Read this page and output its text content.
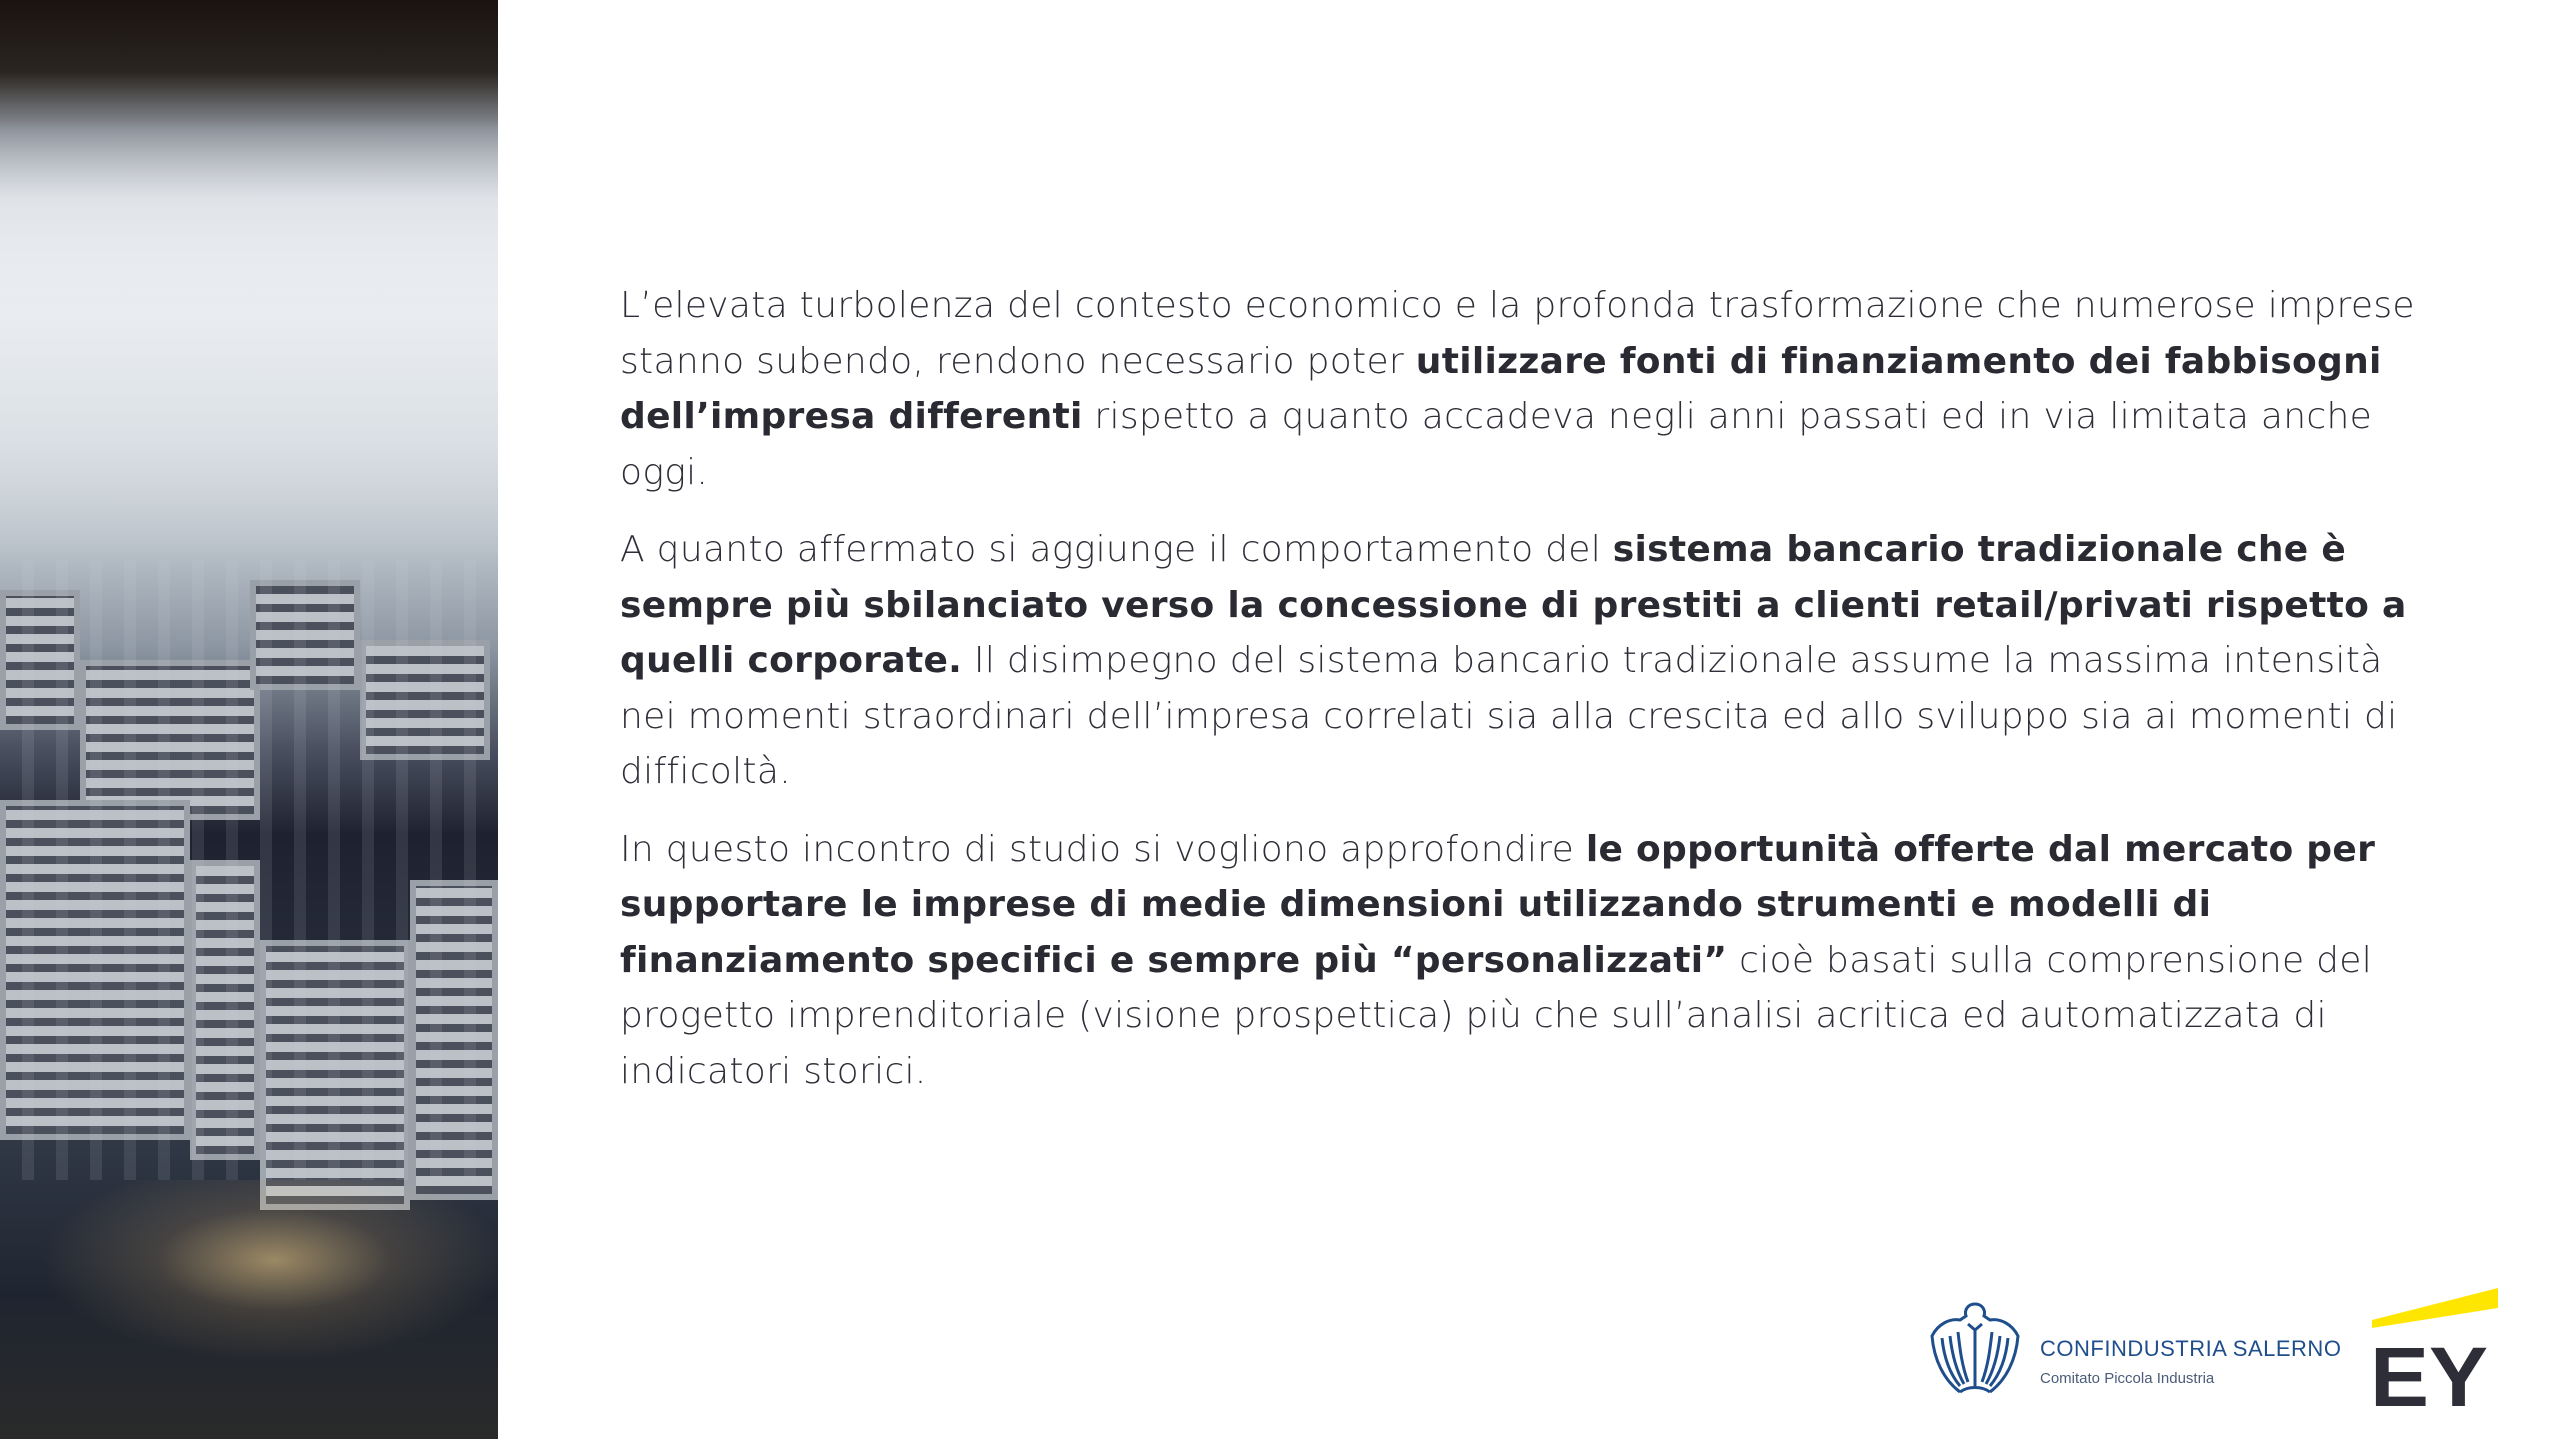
L’elevata turbolenza del contesto economico e la profonda trasformazione che numerose imprese stanno subendo, rendono necessario poter utilizzare fonti di finanziamento dei fabbisogni dell’impresa differenti rispetto a quanto accadeva negli anni passati ed in via limitata anche oggi.

A quanto affermato si aggiunge il comportamento del sistema bancario tradizionale che è sempre più sbilanciato verso la concessione di prestiti a clienti retail/privati rispetto a quelli corporate. Il disimpegno del sistema bancario tradizionale assume la massima intensità nei momenti straordinari dell’impresa correlati sia alla crescita ed allo sviluppo sia ai momenti di difficoltà.

In questo incontro di studio si vogliono approfondire le opportunità offerte dal mercato per supportare le imprese di medie dimensioni utilizzando strumenti e modelli di finanziamento specifici e sempre più “personalizzati” cioè basati sulla comprensione del progetto imprenditoriale (visione prospettica) più che sull’analisi acritica ed automatizzata di indicatori storici.

CONFINDUSTRIA SALERNO
Comitato Piccola Industria EY
